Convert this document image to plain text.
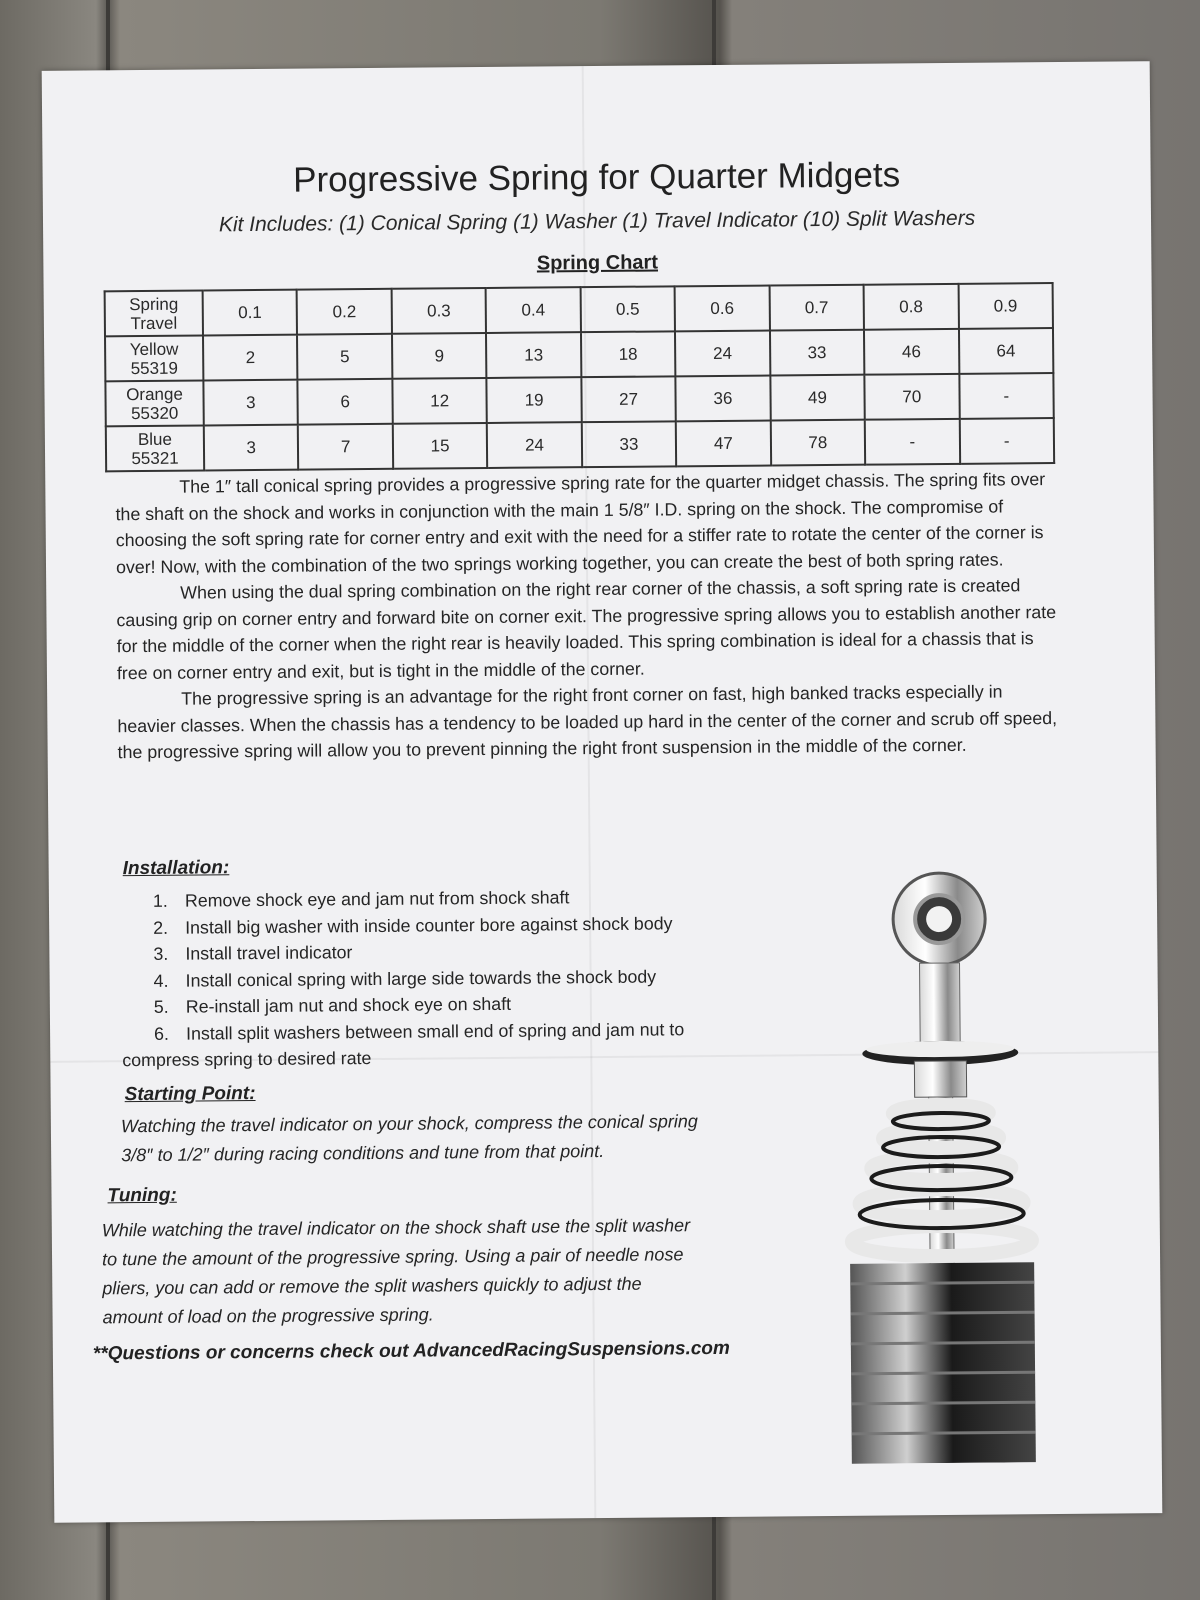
Progressive Spring for Quarter Midgets
Kit Includes: (1) Conical Spring (1) Washer (1) Travel Indicator (10) Split Washers
Spring Chart
Spring
Travel	0.1	0.2	0.3	0.4	0.5	0.6	0.7	0.8	0.9

Yellow
55319	2	5	9	13	18	24	33	46	64

Orange
55320	3	6	12	19	27	36	49	70	-

Blue
55321	3	7	15	24	33	47	78	-	-

The 1″ tall conical spring provides a progressive spring rate for the quarter midget chassis. The spring fits over the shaft on the shock and works in conjunction with the main 1 5/8″ I.D. spring on the shock. The compromise of choosing the soft spring rate for corner entry and exit with the need for a stiffer rate to rotate the center of the corner is over! Now, with the combination of the two springs working together, you can create the best of both spring rates.

When using the dual spring combination on the right rear corner of the chassis, a soft spring rate is created causing grip on corner entry and forward bite on corner exit. The progressive spring allows you to establish another rate for the middle of the corner when the right rear is heavily loaded. This spring combination is ideal for a chassis that is free on corner entry and exit, but is tight in the middle of the corner.

The progressive spring is an advantage for the right front corner on fast, high banked tracks especially in heavier classes. When the chassis has a tendency to be loaded up hard in the center of the corner and scrub off speed, the progressive spring will allow you to prevent pinning the right front suspension in the middle of the corner.

Installation:
1. Remove shock eye and jam nut from shock shaft
2. Install big washer with inside counter bore against shock body
3. Install travel indicator
4. Install conical spring with large side towards the shock body
5. Re-install jam nut and shock eye on shaft
6. Install split washers between small end of spring and jam nut to
compress spring to desired rate
Starting Point:
Watching the travel indicator on your shock, compress the conical spring
3/8″ to 1/2″ during racing conditions and tune from that point.
Tuning:
While watching the travel indicator on the shock shaft use the split washer
to tune the amount of the progressive spring. Using a pair of needle nose
pliers, you can add or remove the split washers quickly to adjust the
amount of load on the progressive spring.
**Questions or concerns check out AdvancedRacingSuspensions.com
